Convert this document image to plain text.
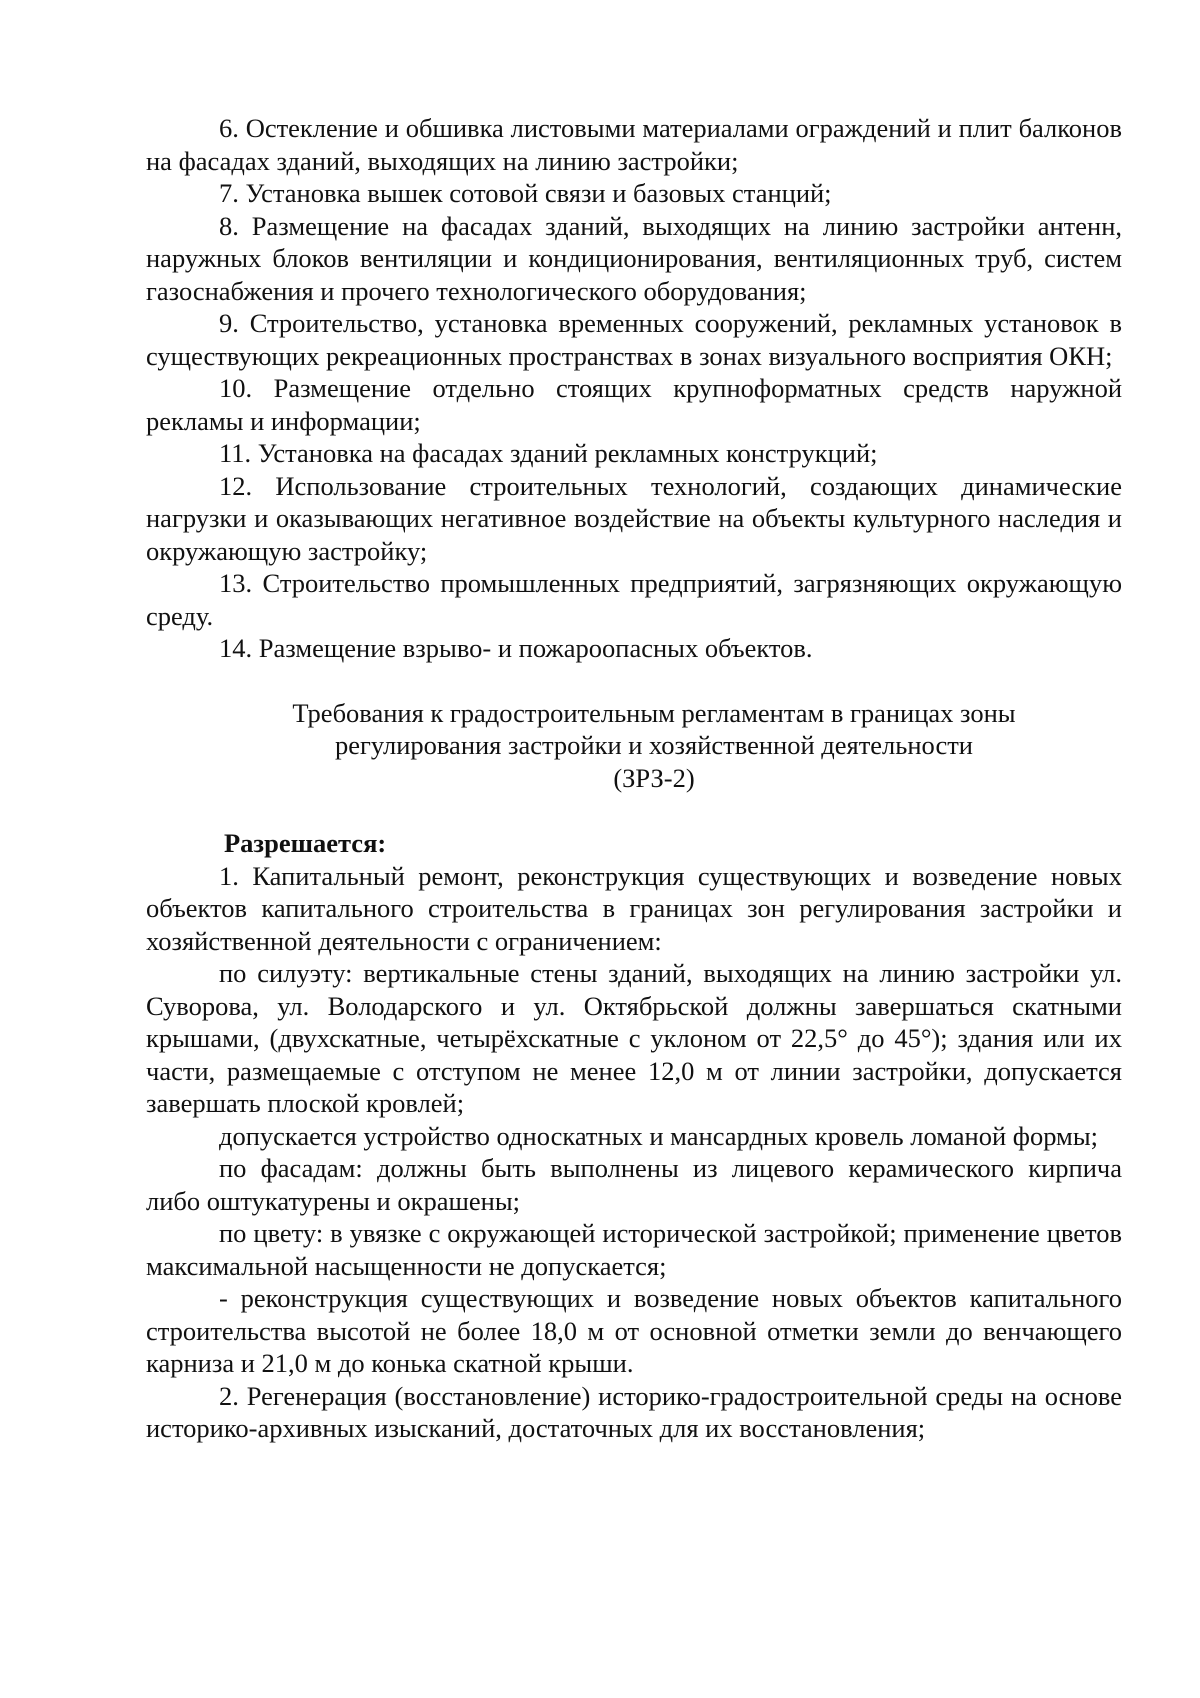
6. Остекление и обшивка листовыми материалами ограждений и плит балконов на фасадах зданий, выходящих на линию застройки;

7. Установка вышек сотовой связи и базовых станций;

8. Размещение на фасадах зданий, выходящих на линию застройки антенн, наружных блоков вентиляции и кондиционирования, вентиляционных труб, систем газоснабжения и прочего технологического оборудования;

9. Строительство, установка временных сооружений, рекламных установок в существующих рекреационных пространствах в зонах визуального восприятия ОКН;

10. Размещение отдельно стоящих крупноформатных средств наружной рекламы и информации;

11. Установка на фасадах зданий рекламных конструкций;

12. Использование строительных технологий, создающих динамические нагрузки и оказывающих негативное воздействие на объекты культурного наследия и окружающую застройку;

13. Строительство промышленных предприятий, загрязняющих окружающую среду.

14. Размещение взрыво- и пожароопасных объектов.

Требования к градостроительным регламентам в границах зоны
регулирования застройки и хозяйственной деятельности
(ЗРЗ-2)

Разрешается:

1. Капитальный ремонт, реконструкция существующих и возведение новых объектов капитального строительства в границах зон регулирования застройки и хозяйственной деятельности с ограничением:

по силуэту: вертикальные стены зданий, выходящих на линию застройки ул. Суворова, ул. Володарского и ул. Октябрьской должны завершаться скатными крышами, (двухскатные, четырёхскатные с уклоном от 22,5° до 45°); здания или их части, размещаемые с отступом не менее 12,0 м от линии застройки, допускается завершать плоской кровлей;

допускается устройство односкатных и мансардных кровель ломаной формы;

по фасадам: должны быть выполнены из лицевого керамического кирпича либо оштукатурены и окрашены;

по цвету: в увязке с окружающей исторической застройкой; применение цветов максимальной насыщенности не допускается;

- реконструкция существующих и возведение новых объектов капитального строительства высотой не более 18,0 м от основной отметки земли до венчающего карниза и 21,0 м до конька скатной крыши.

2. Регенерация (восстановление) историко-градостроительной среды на основе историко-архивных изысканий, достаточных для их восстановления;
